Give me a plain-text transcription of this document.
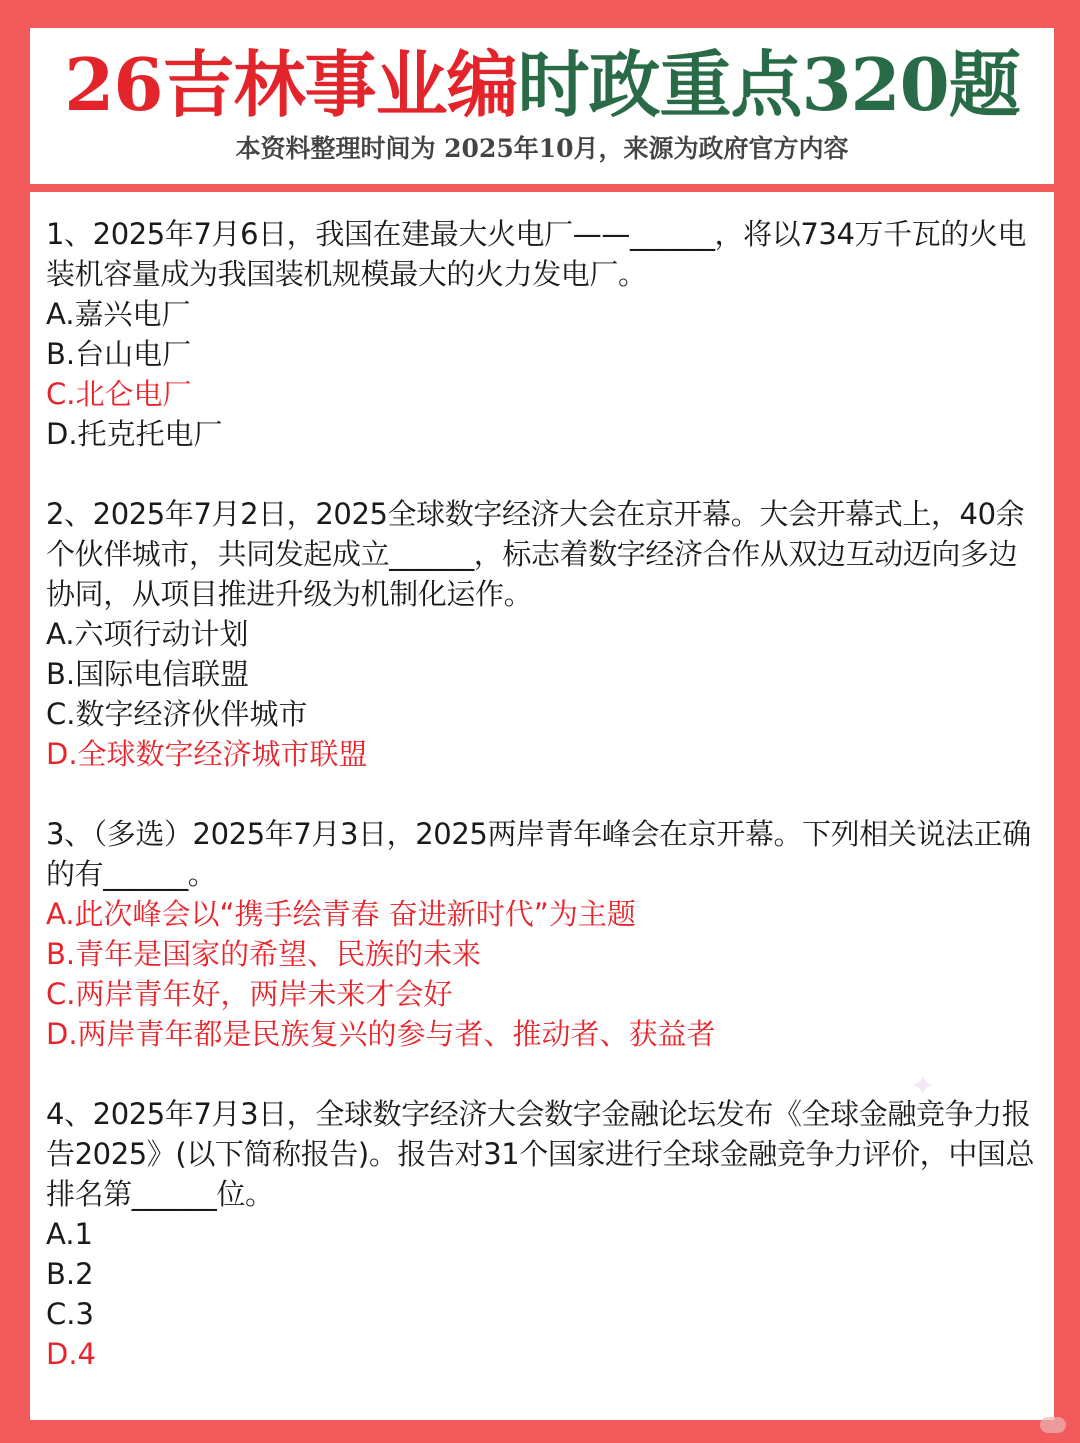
26吉林事业编时政重点320题
本资料整理时间为 2025年10月，来源为政府官方内容
1、2025年7月6日，我国在建最大火电厂——______，将以734万千瓦的火电装机容量成为我国装机规模最大的火力发电厂。
A.嘉兴电厂
B.台山电厂
C.北仑电厂
D.托克托电厂
2、2025年7月2日，2025全球数字经济大会在京开幕。大会开幕式上，40余个伙伴城市，共同发起成立______，标志着数字经济合作从双边互动迈向多边协同，从项目推进升级为机制化运作。
A.六项行动计划
B.国际电信联盟
C.数字经济伙伴城市
D.全球数字经济城市联盟
3、（多选）2025年7月3日，2025两岸青年峰会在京开幕。下列相关说法正确的有______。
A.此次峰会以“携手绘青春 奋进新时代”为主题
B.青年是国家的希望、民族的未来
C.两岸青年好，两岸未来才会好
D.两岸青年都是民族复兴的参与者、推动者、获益者
4、2025年7月3日，全球数字经济大会数字金融论坛发布《全球金融竞争力报告2025》(以下简称报告)。报告对31个国家进行全球金融竞争力评价，中国总排名第______位。
A.1
B.2
C.3
D.4
✦
